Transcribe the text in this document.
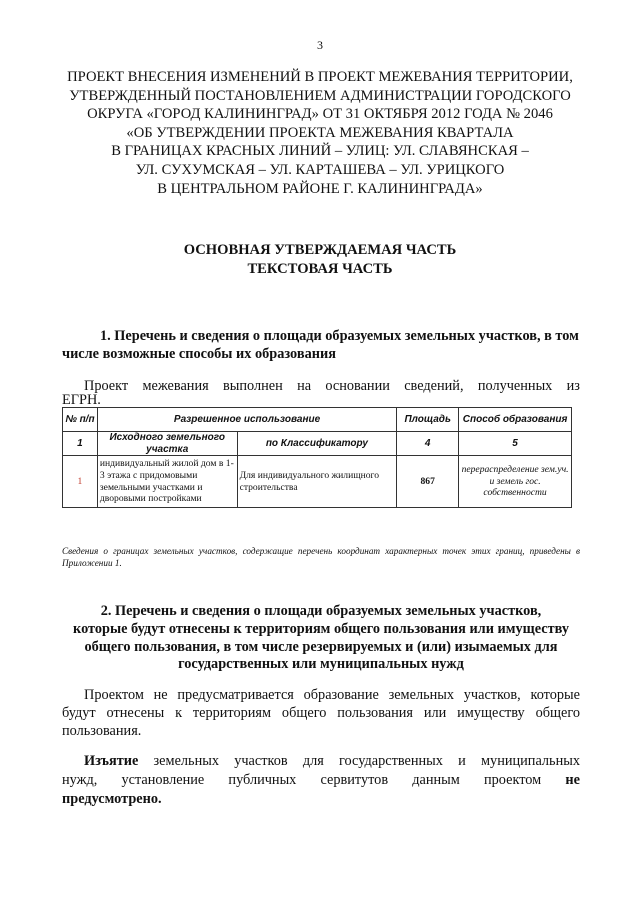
3
ПРОЕКТ ВНЕСЕНИЯ ИЗМЕНЕНИЙ В ПРОЕКТ МЕЖЕВАНИЯ ТЕРРИТОРИИ,
УТВЕРЖДЕННЫЙ ПОСТАНОВЛЕНИЕМ АДМИНИСТРАЦИИ ГОРОДСКОГО
ОКРУГА «ГОРОД КАЛИНИНГРАД» ОТ 31 ОКТЯБРЯ 2012 ГОДА № 2046
«ОБ УТВЕРЖДЕНИИ ПРОЕКТА МЕЖЕВАНИЯ КВАРТАЛА
В ГРАНИЦАХ КРАСНЫХ ЛИНИЙ – УЛИЦ: УЛ. СЛАВЯНСКАЯ –
УЛ. СУХУМСКАЯ – УЛ. КАРТАШЕВА – УЛ. УРИЦКОГО
В ЦЕНТРАЛЬНОМ РАЙОНЕ Г. КАЛИНИНГРАДА»
ОСНОВНАЯ УТВЕРЖДАЕМАЯ ЧАСТЬ
ТЕКСТОВАЯ ЧАСТЬ
1. Перечень и сведения о площади образуемых земельных участков, в том
числе возможные способы их образования
Проект межевания выполнен на основании сведений, полученных из
ЕГРН.
№ п/п	Разрешенное использование		Площадь	Способ образования
1	Исходного земельного участка	по Классификатору	4	5
1	индивидуальный жилой дом в 1-3 этажа с придомовыми земельными участками и дворовыми постройками	Для индивидуального жилищного строительства	867	перераспределение зем.уч. и земель гос. собственности
Сведения о границах земельных участков, содержащие перечень координат характерных точек этих границ, приведены в Приложении 1.
2. Перечень и сведения о площади образуемых земельных участков,
которые будут отнесены к территориям общего пользования или имуществу
общего пользования, в том числе резервируемых и (или) изымаемых для
государственных или муниципальных нужд
Проектом не предусматривается образование земельных участков, которые
будут отнесены к территориям общего пользования или имуществу общего
пользования.
Изъятие земельных участков для государственных и муниципальных
нужд, установление публичных сервитутов данным проектом не
предусмотрено.
